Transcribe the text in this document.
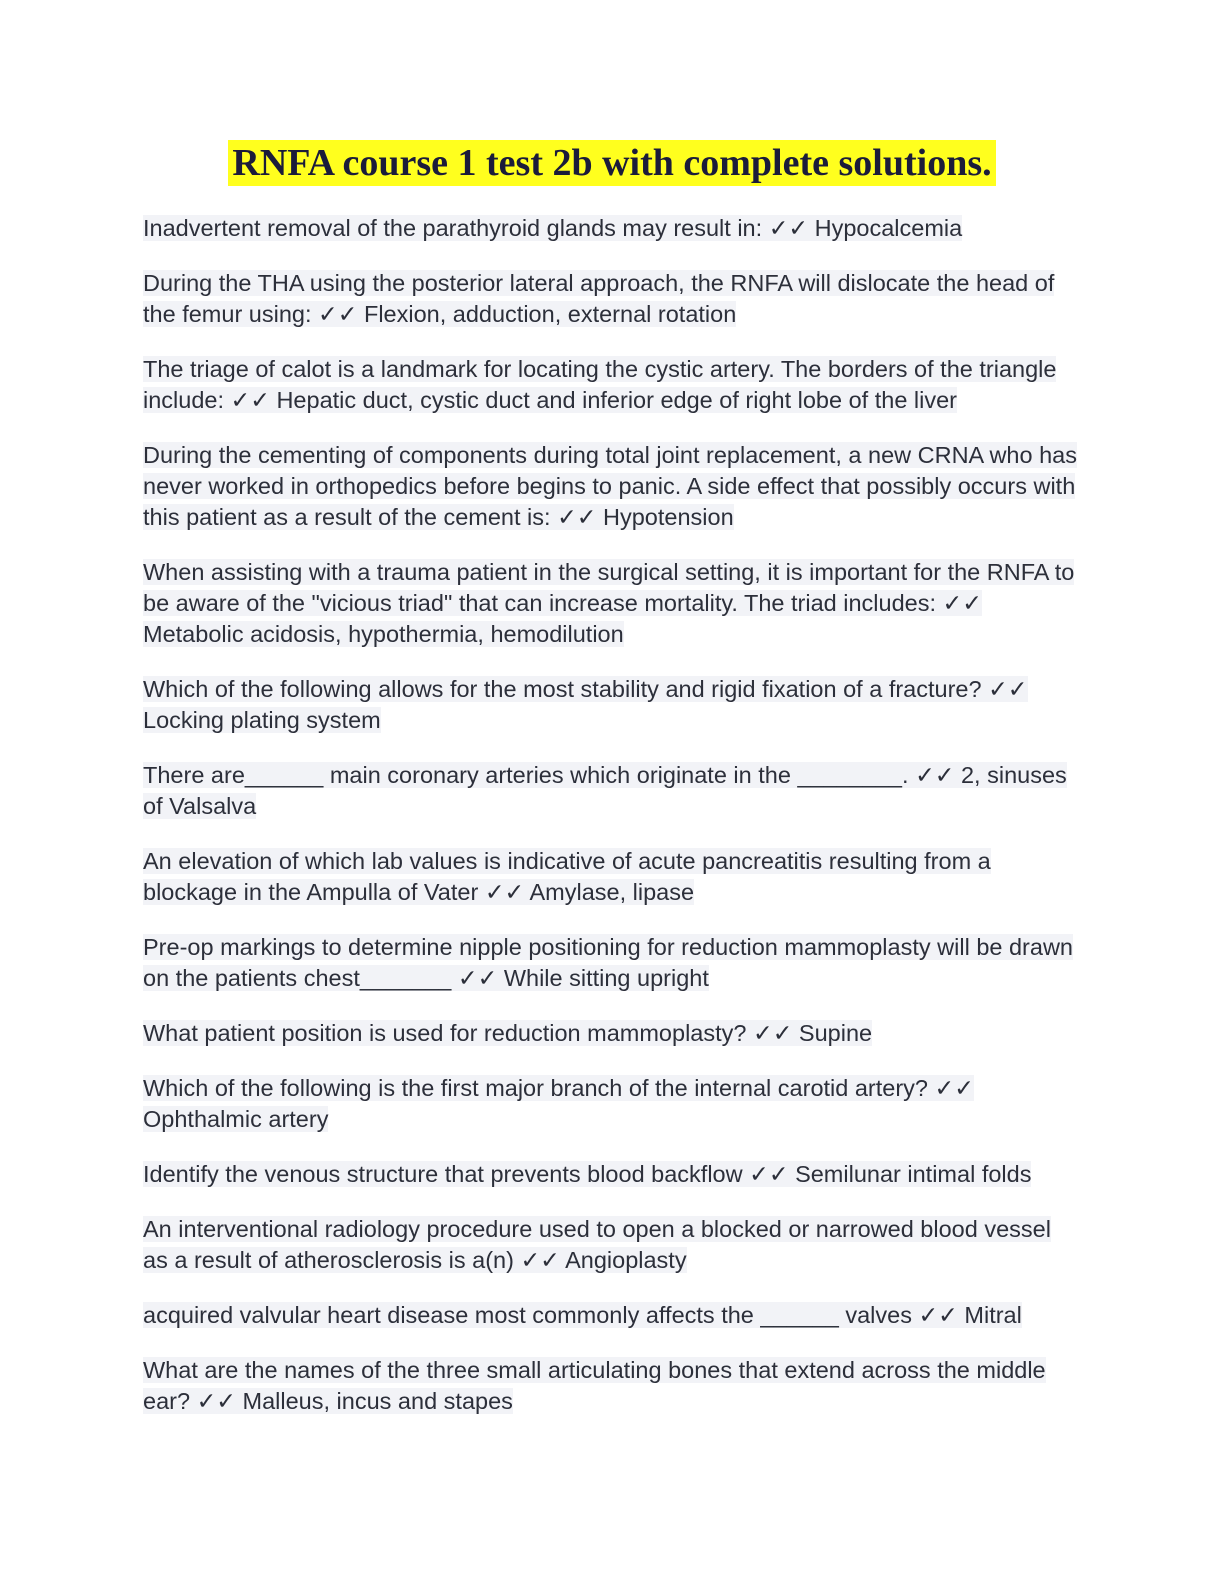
RNFA course 1 test 2b with complete solutions.

Inadvertent removal of the parathyroid glands may result in: ✓✓ Hypocalcemia

During the THA using the posterior lateral approach, the RNFA will dislocate the head of the femur using: ✓✓ Flexion, adduction, external rotation

The triage of calot is a landmark for locating the cystic artery. The borders of the triangle include: ✓✓ Hepatic duct, cystic duct and inferior edge of right lobe of the liver

During the cementing of components during total joint replacement, a new CRNA who has never worked in orthopedics before begins to panic. A side effect that possibly occurs with this patient as a result of the cement is: ✓✓ Hypotension

When assisting with a trauma patient in the surgical setting, it is important for the RNFA to be aware of the "vicious triad" that can increase mortality. The triad includes: ✓✓ Metabolic acidosis, hypothermia, hemodilution

Which of the following allows for the most stability and rigid fixation of a fracture? ✓✓ Locking plating system

There are______ main coronary arteries which originate in the ________. ✓✓ 2, sinuses of Valsalva

An elevation of which lab values is indicative of acute pancreatitis resulting from a blockage in the Ampulla of Vater ✓✓ Amylase, lipase

Pre-op markings to determine nipple positioning for reduction mammoplasty will be drawn on the patients chest_______ ✓✓ While sitting upright

What patient position is used for reduction mammoplasty? ✓✓ Supine

Which of the following is the first major branch of the internal carotid artery? ✓✓ Ophthalmic artery

Identify the venous structure that prevents blood backflow ✓✓ Semilunar intimal folds

An interventional radiology procedure used to open a blocked or narrowed blood vessel as a result of atherosclerosis is a(n) ✓✓ Angioplasty

acquired valvular heart disease most commonly affects the ______ valves ✓✓ Mitral

What are the names of the three small articulating bones that extend across the middle ear? ✓✓ Malleus, incus and stapes
